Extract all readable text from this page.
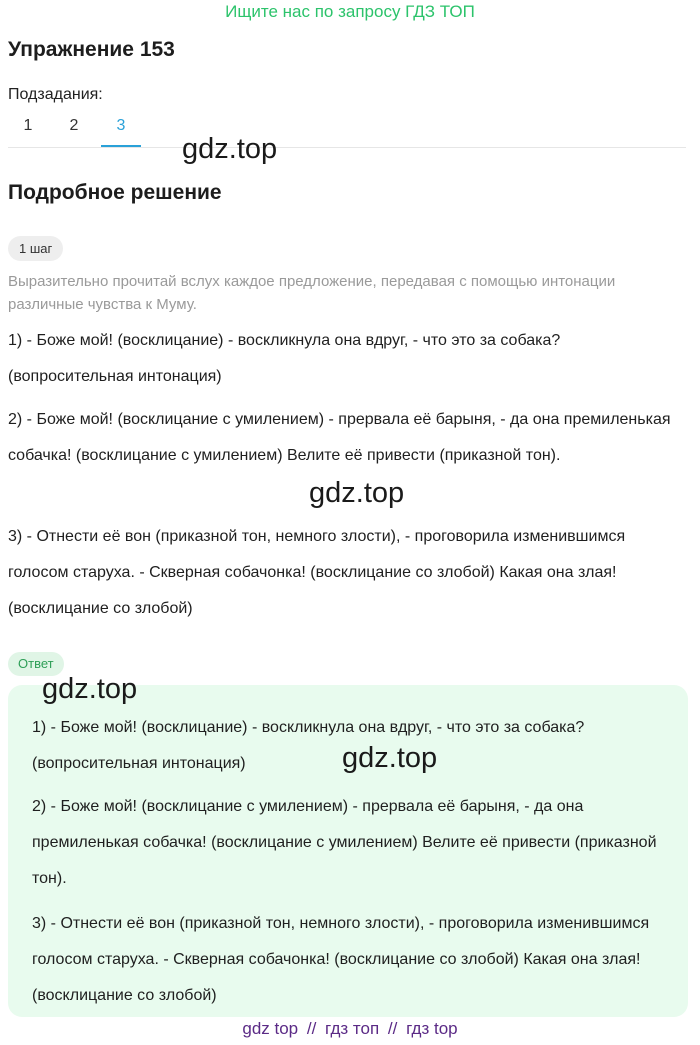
Ищите нас по запросу ГДЗ ТОП
Упражнение 153
Подзадания:
1	2	3
gdz.top
Подробное решение
1 шаг

Выразительно прочитай вслух каждое предложение, передавая с помощью интонации различные чувства к Муму.

1) - Боже мой! (восклицание) - воскликнула она вдруг, - что это за собака? (вопросительная интонация)

2) - Боже мой! (восклицание с умилением) - прервала её барыня, - да она премиленькая собачка! (восклицание с умилением) Велите её привести (приказной тон).

gdz.top

3) - Отнести её вон (приказной тон, немного злости), - проговорила изменившимся голосом старуха. - Скверная собачонка! (восклицание со злобой) Какая она злая! (восклицание со злобой)

Ответ

1) - Боже мой! (восклицание) - воскликнула она вдруг, - что это за собака? (вопросительная интонация)

2) - Боже мой! (восклицание с умилением) - прервала её барыня, - да она премиленькая собачка! (восклицание с умилением) Велите её привести (приказной тон).

3) - Отнести её вон (приказной тон, немного злости), - проговорила изменившимся голосом старуха. - Скверная собачонка! (восклицание со злобой) Какая она злая! (восклицание со злобой)

gdz.top
gdz.top
gdz top // гдз топ // гдз top
